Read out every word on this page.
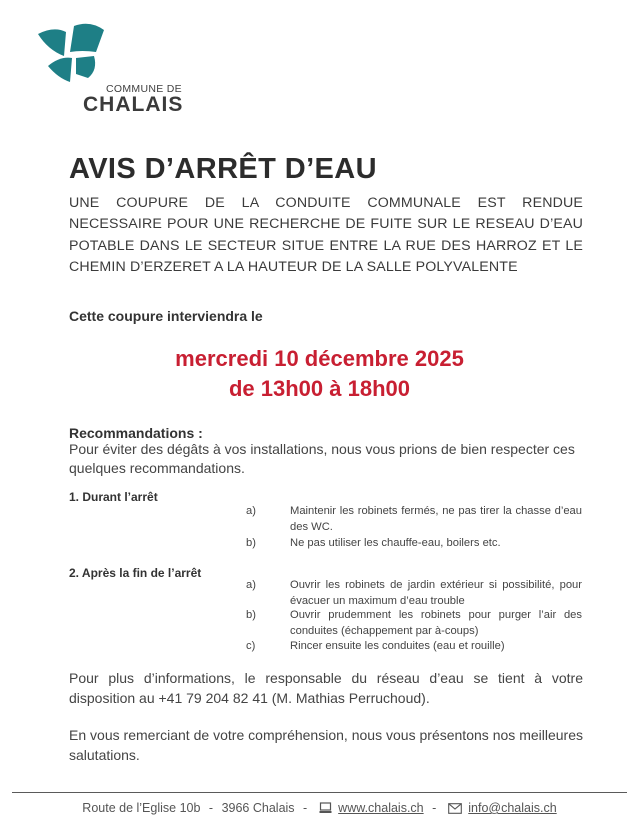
COMMUNE DE
CHALAIS
AVIS D’ARRÊT D’EAU
UNE COUPURE DE LA CONDUITE COMMUNALE EST RENDUE NECESSAIRE POUR UNE RECHERCHE DE FUITE SUR LE RESEAU D’EAU POTABLE DANS LE SECTEUR SITUE ENTRE LA RUE DES HARROZ ET LE CHEMIN D’ERZERET A LA HAUTEUR DE LA SALLE POLYVALENTE
Cette coupure interviendra le
mercredi 10 décembre 2025
de 13h00 à 18h00
Recommandations :
Pour éviter des dégâts à vos installations, nous vous prions de bien respecter ces quelques recommandations.
1. Durant l’arrêt
a)	Maintenir les robinets fermés, ne pas tirer la chasse d’eau des WC.
b)	Ne pas utiliser les chauffe-eau, boilers etc.
2. Après la fin de l’arrêt
a)	Ouvrir les robinets de jardin extérieur si possibilité, pour évacuer un maximum d’eau trouble
b)	Ouvrir prudemment les robinets pour purger l’air des conduites (échappement par à-coups)
c)	Rincer ensuite les conduites (eau et rouille)
Pour plus d’informations, le responsable du réseau d’eau se tient à votre disposition au +41 79 204 82 41 (M. Mathias Perruchoud).
En vous remerciant de votre compréhension, nous vous présentons nos meilleures salutations.
Route de l’Eglise 10b - 3966 Chalais - www.chalais.ch -	info@chalais.ch
